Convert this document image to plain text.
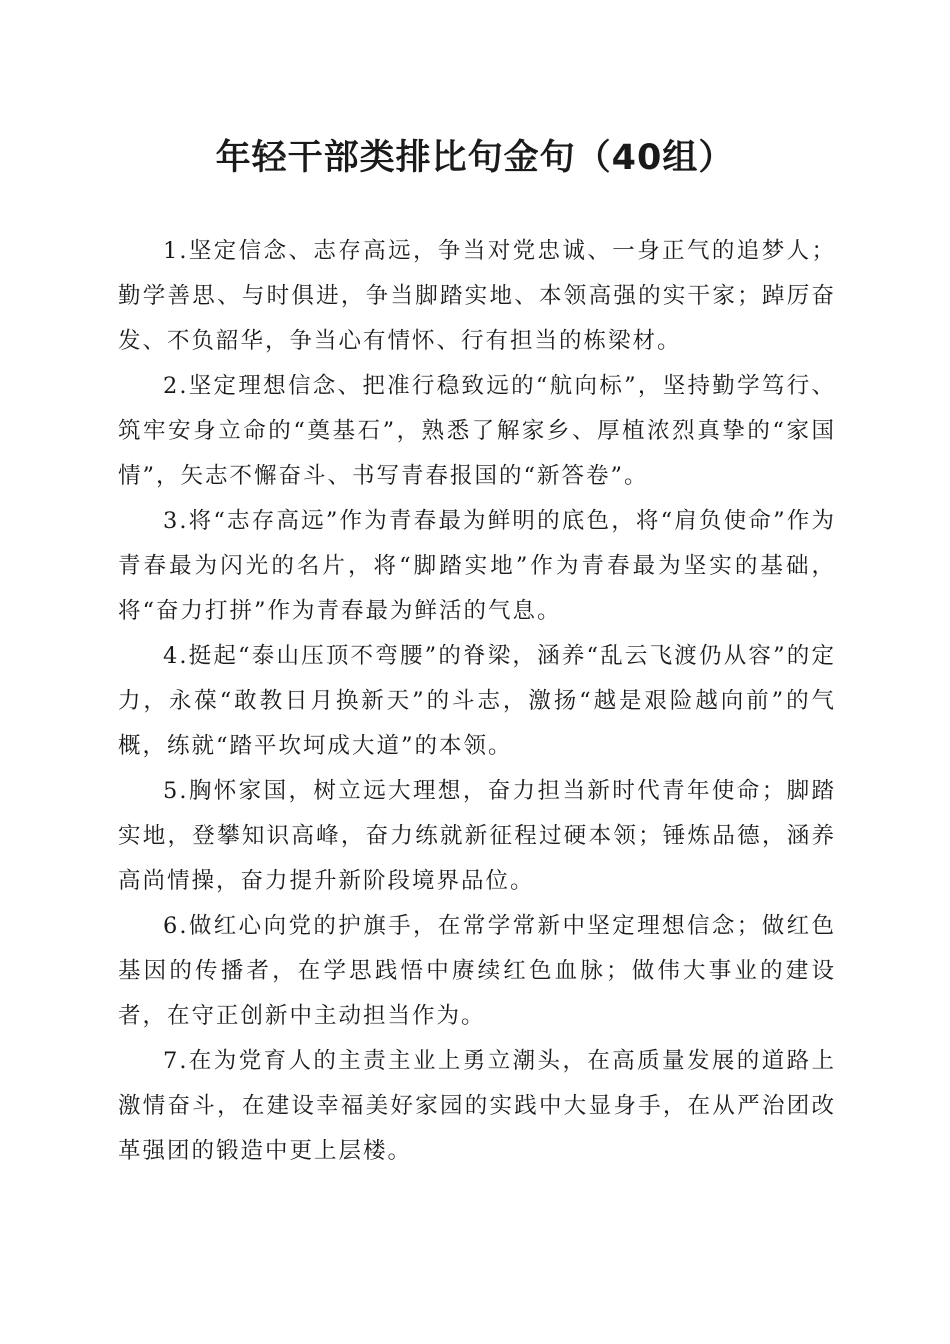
年轻干部类排比句金句（40组）

1.坚定信念、志存高远，争当对党忠诚、一身正气的追梦人；勤学善思、与时俱进，争当脚踏实地、本领高强的实干家；踔厉奋发、不负韶华，争当心有情怀、行有担当的栋梁材。

2.坚定理想信念、把准行稳致远的“航向标”，坚持勤学笃行、筑牢安身立命的“奠基石”，熟悉了解家乡、厚植浓烈真挚的“家国情”，矢志不懈奋斗、书写青春报国的“新答卷”。

3.将“志存高远”作为青春最为鲜明的底色，将“肩负使命”作为青春最为闪光的名片，将“脚踏实地”作为青春最为坚实的基础，将“奋力打拼”作为青春最为鲜活的气息。

4.挺起“泰山压顶不弯腰”的脊梁，涵养“乱云飞渡仍从容”的定力，永葆“敢教日月换新天”的斗志，激扬“越是艰险越向前”的气概，练就“踏平坎坷成大道”的本领。

5.胸怀家国，树立远大理想，奋力担当新时代青年使命；脚踏实地，登攀知识高峰，奋力练就新征程过硬本领；锤炼品德，涵养高尚情操，奋力提升新阶段境界品位。

6.做红心向党的护旗手，在常学常新中坚定理想信念；做红色基因的传播者，在学思践悟中赓续红色血脉；做伟大事业的建设者，在守正创新中主动担当作为。

7.在为党育人的主责主业上勇立潮头，在高质量发展的道路上激情奋斗，在建设幸福美好家园的实践中大显身手，在从严治团改革强团的锻造中更上层楼。
